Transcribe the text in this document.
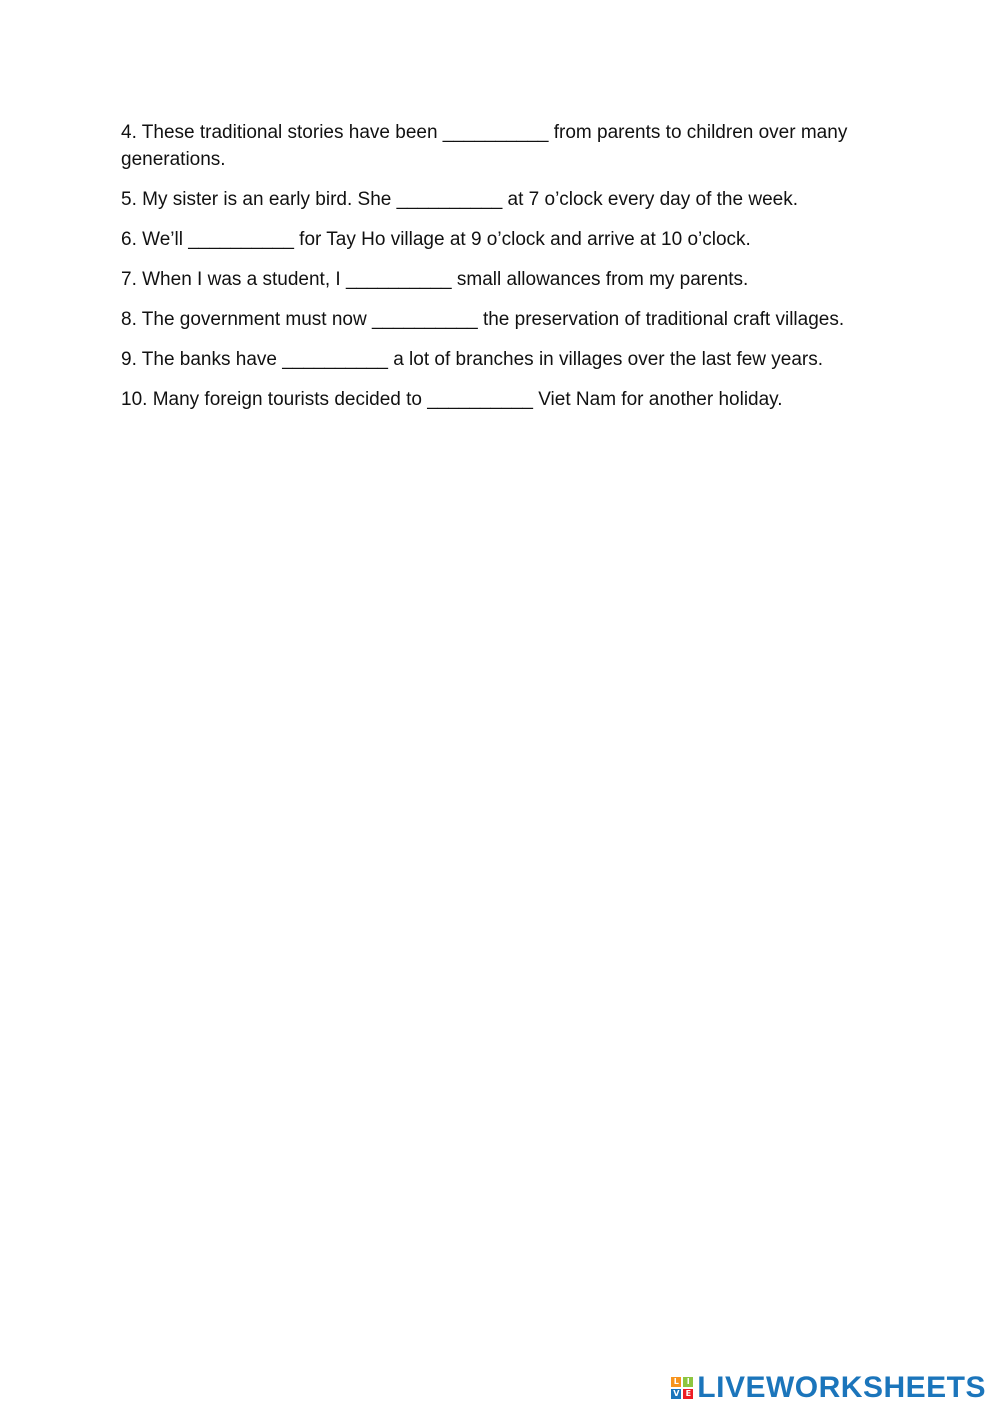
4. These traditional stories have been __________ from parents to children over many generations.
5. My sister is an early bird. She __________ at 7 o’clock every day of the week.
6. We’ll __________ for Tay Ho village at 9 o’clock and arrive at 10 o’clock.
7. When I was a student, I __________ small allowances from my parents.
8. The government must now __________ the preservation of traditional craft villages.
9. The banks have __________ a lot of branches in villages over the last few years.
10. Many foreign tourists decided to __________ Viet Nam for another holiday.
L I
V E LIVEWORKSHEETS
